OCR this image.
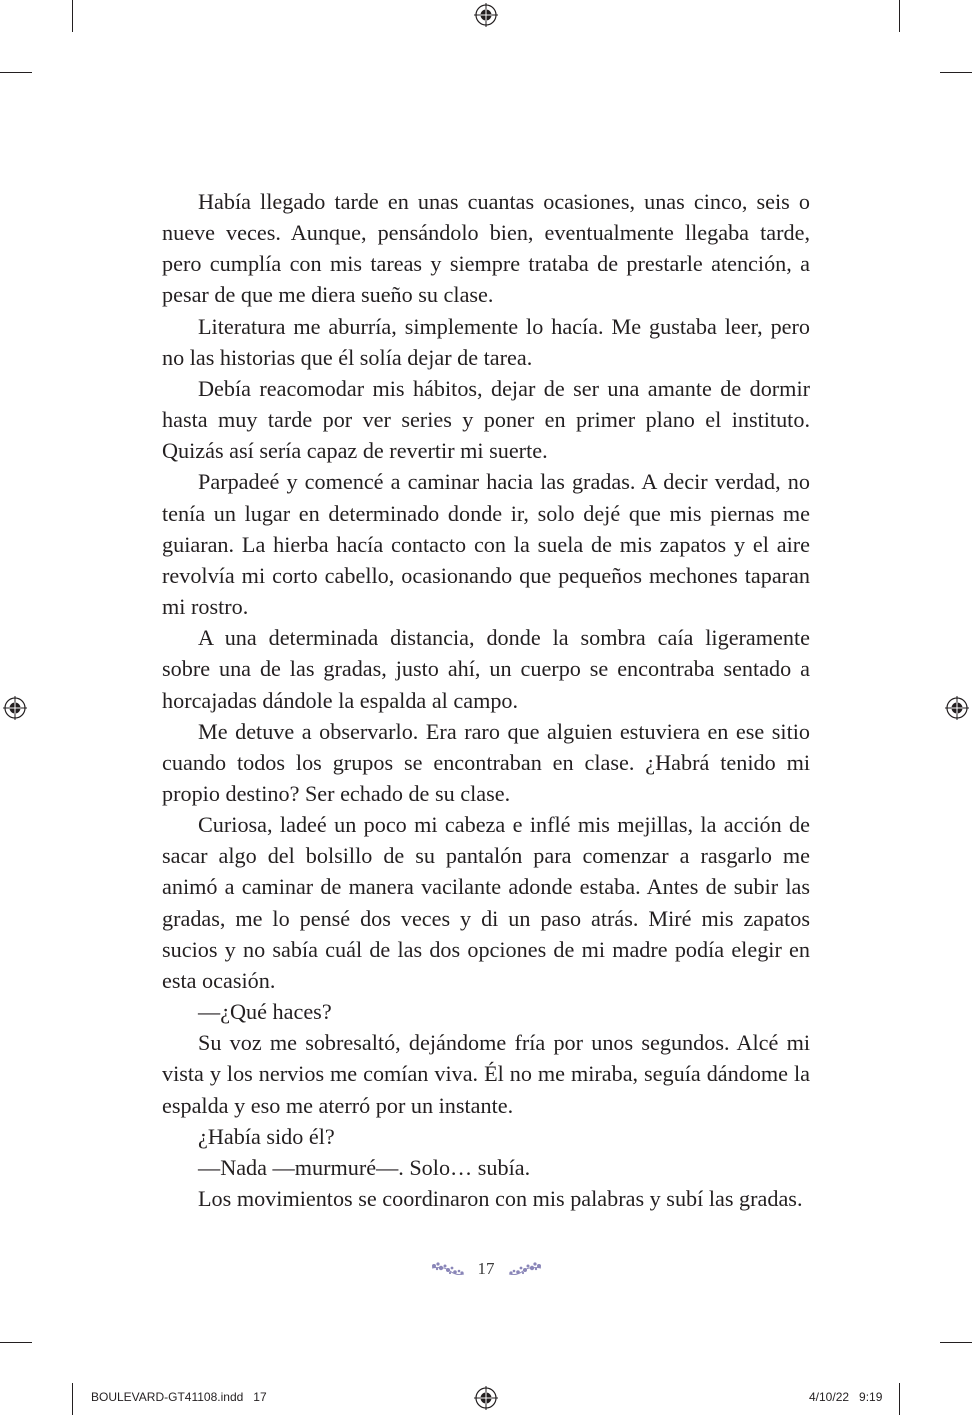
Había llegado tarde en unas cuantas ocasiones, unas cinco, seis o nueve veces. Aunque, pensándolo bien, eventualmente llegaba tarde, pero cumplía con mis tareas y siempre trataba de prestarle atención, a pesar de que me diera sueño su clase.

Literatura me aburría, simplemente lo hacía. Me gustaba leer, pero no las historias que él solía dejar de tarea.

Debía reacomodar mis hábitos, dejar de ser una amante de dormir hasta muy tarde por ver series y poner en primer plano el instituto. Quizás así sería capaz de revertir mi suerte.

Parpadeé y comencé a caminar hacia las gradas. A decir verdad, no tenía un lugar en determinado donde ir, solo dejé que mis piernas me guiaran. La hierba hacía contacto con la suela de mis zapatos y el aire revolvía mi corto cabello, ocasionando que pequeños mechones taparan mi rostro.

A una determinada distancia, donde la sombra caía ligeramente sobre una de las gradas, justo ahí, un cuerpo se encontraba sentado a horcajadas dándole la espalda al campo.

Me detuve a observarlo. Era raro que alguien estuviera en ese sitio cuando todos los grupos se encontraban en clase. ¿Habrá tenido mi propio destino? Ser echado de su clase.

Curiosa, ladeé un poco mi cabeza e inflé mis mejillas, la acción de sacar algo del bolsillo de su pantalón para comenzar a rasgarlo me animó a caminar de manera vacilante adonde estaba. Antes de subir las gradas, me lo pensé dos veces y di un paso atrás. Miré mis zapatos sucios y no sabía cuál de las dos opciones de mi madre podía elegir en esta ocasión.

—¿Qué haces?

Su voz me sobresaltó, dejándome fría por unos segundos. Alcé mi vista y los nervios me comían viva. Él no me miraba, seguía dándome la espalda y eso me aterró por un instante.

¿Había sido él?

—Nada —murmuré—. Solo… subía.

Los movimientos se coordinaron con mis palabras y subí las gradas.

17
BOULEVARD-GT41108.indd   17	4/10/22   9:19
